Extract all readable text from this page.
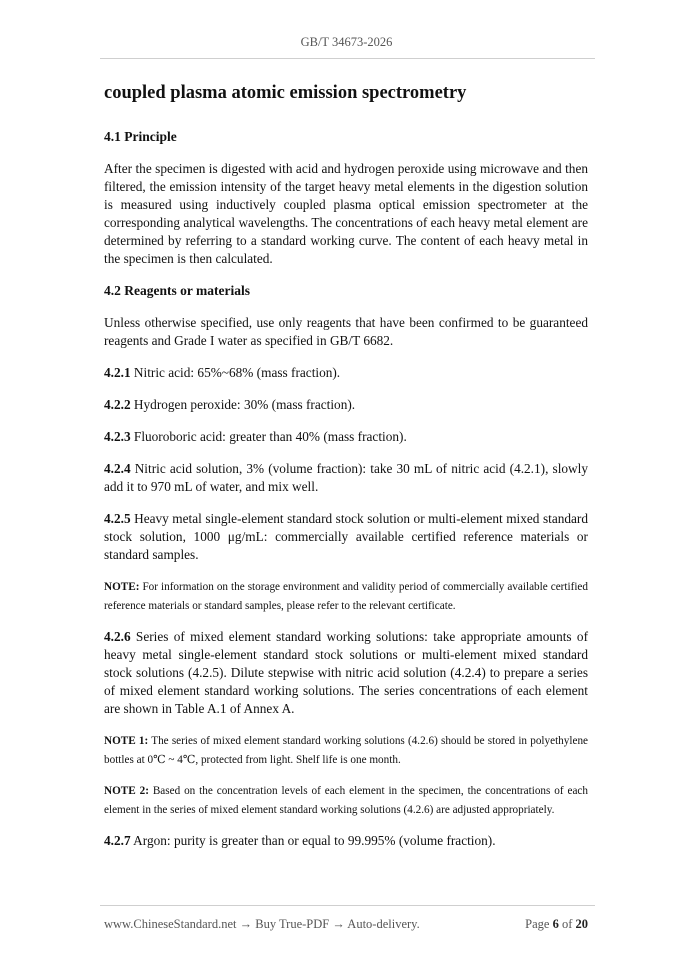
GB/T 34673-2026
coupled plasma atomic emission spectrometry
4.1 Principle
After the specimen is digested with acid and hydrogen peroxide using microwave and then filtered, the emission intensity of the target heavy metal elements in the digestion solution is measured using inductively coupled plasma optical emission spectrometer at the corresponding analytical wavelengths. The concentrations of each heavy metal element are determined by referring to a standard working curve. The content of each heavy metal in the specimen is then calculated.
4.2 Reagents or materials
Unless otherwise specified, use only reagents that have been confirmed to be guaranteed reagents and Grade I water as specified in GB/T 6682.
4.2.1 Nitric acid: 65%~68% (mass fraction).
4.2.2 Hydrogen peroxide: 30% (mass fraction).
4.2.3 Fluoroboric acid: greater than 40% (mass fraction).
4.2.4 Nitric acid solution, 3% (volume fraction): take 30 mL of nitric acid (4.2.1), slowly add it to 970 mL of water, and mix well.
4.2.5 Heavy metal single-element standard stock solution or multi-element mixed standard stock solution, 1000 μg/mL: commercially available certified reference materials or standard samples.
NOTE: For information on the storage environment and validity period of commercially available certified reference materials or standard samples, please refer to the relevant certificate.
4.2.6 Series of mixed element standard working solutions: take appropriate amounts of heavy metal single-element standard stock solutions or multi-element mixed standard stock solutions (4.2.5). Dilute stepwise with nitric acid solution (4.2.4) to prepare a series of mixed element standard working solutions. The series concentrations of each element are shown in Table A.1 of Annex A.
NOTE 1: The series of mixed element standard working solutions (4.2.6) should be stored in polyethylene bottles at 0℃ ~ 4℃, protected from light. Shelf life is one month.
NOTE 2: Based on the concentration levels of each element in the specimen, the concentrations of each element in the series of mixed element standard working solutions (4.2.6) are adjusted appropriately.
4.2.7 Argon: purity is greater than or equal to 99.995% (volume fraction).
www.ChineseStandard.net → Buy True-PDF → Auto-delivery.	Page 6 of 20
